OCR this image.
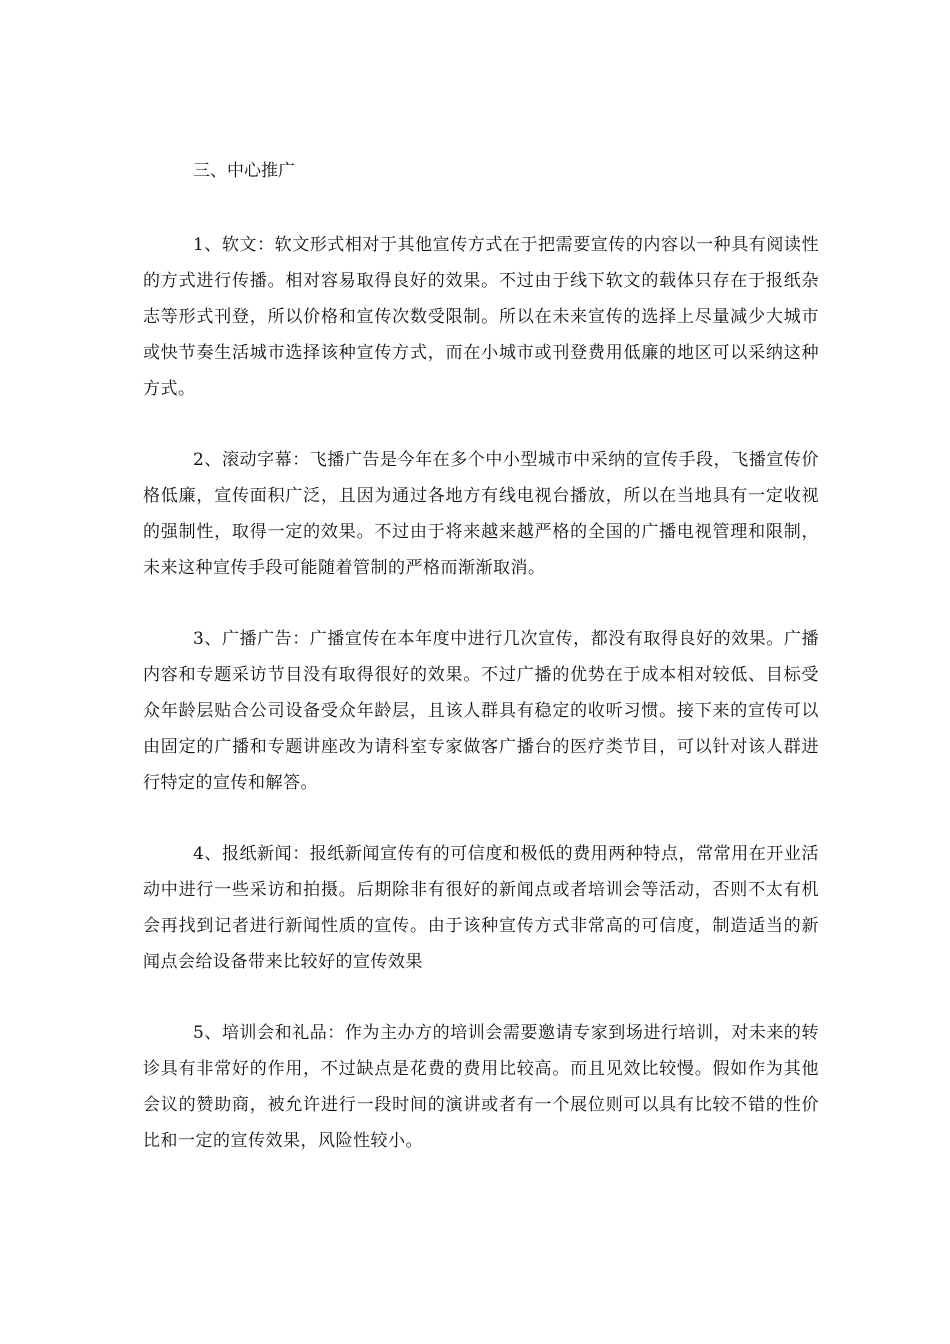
三、中心推广

1、软文：软文形式相对于其他宣传方式在于把需要宣传的内容以一种具有阅读性的方式进行传播。相对容易取得良好的效果。不过由于线下软文的载体只存在于报纸杂志等形式刊登，所以价格和宣传次数受限制。所以在未来宣传的选择上尽量减少大城市或快节奏生活城市选择该种宣传方式，而在小城市或刊登费用低廉的地区可以采纳这种方式。

2、滚动字幕：飞播广告是今年在多个中小型城市中采纳的宣传手段，飞播宣传价格低廉，宣传面积广泛，且因为通过各地方有线电视台播放，所以在当地具有一定收视的强制性，取得一定的效果。不过由于将来越来越严格的全国的广播电视管理和限制，未来这种宣传手段可能随着管制的严格而渐渐取消。

3、广播广告：广播宣传在本年度中进行几次宣传，都没有取得良好的效果。广播内容和专题采访节目没有取得很好的效果。不过广播的优势在于成本相对较低、目标受众年龄层贴合公司设备受众年龄层，且该人群具有稳定的收听习惯。接下来的宣传可以由固定的广播和专题讲座改为请科室专家做客广播台的医疗类节目，可以针对该人群进行特定的宣传和解答。

4、报纸新闻：报纸新闻宣传有的可信度和极低的费用两种特点，常常用在开业活动中进行一些采访和拍摄。后期除非有很好的新闻点或者培训会等活动，否则不太有机会再找到记者进行新闻性质的宣传。由于该种宣传方式非常高的可信度，制造适当的新闻点会给设备带来比较好的宣传效果

5、培训会和礼品：作为主办方的培训会需要邀请专家到场进行培训，对未来的转诊具有非常好的作用，不过缺点是花费的费用比较高。而且见效比较慢。假如作为其他会议的赞助商，被允许进行一段时间的演讲或者有一个展位则可以具有比较不错的性价比和一定的宣传效果，风险性较小。
